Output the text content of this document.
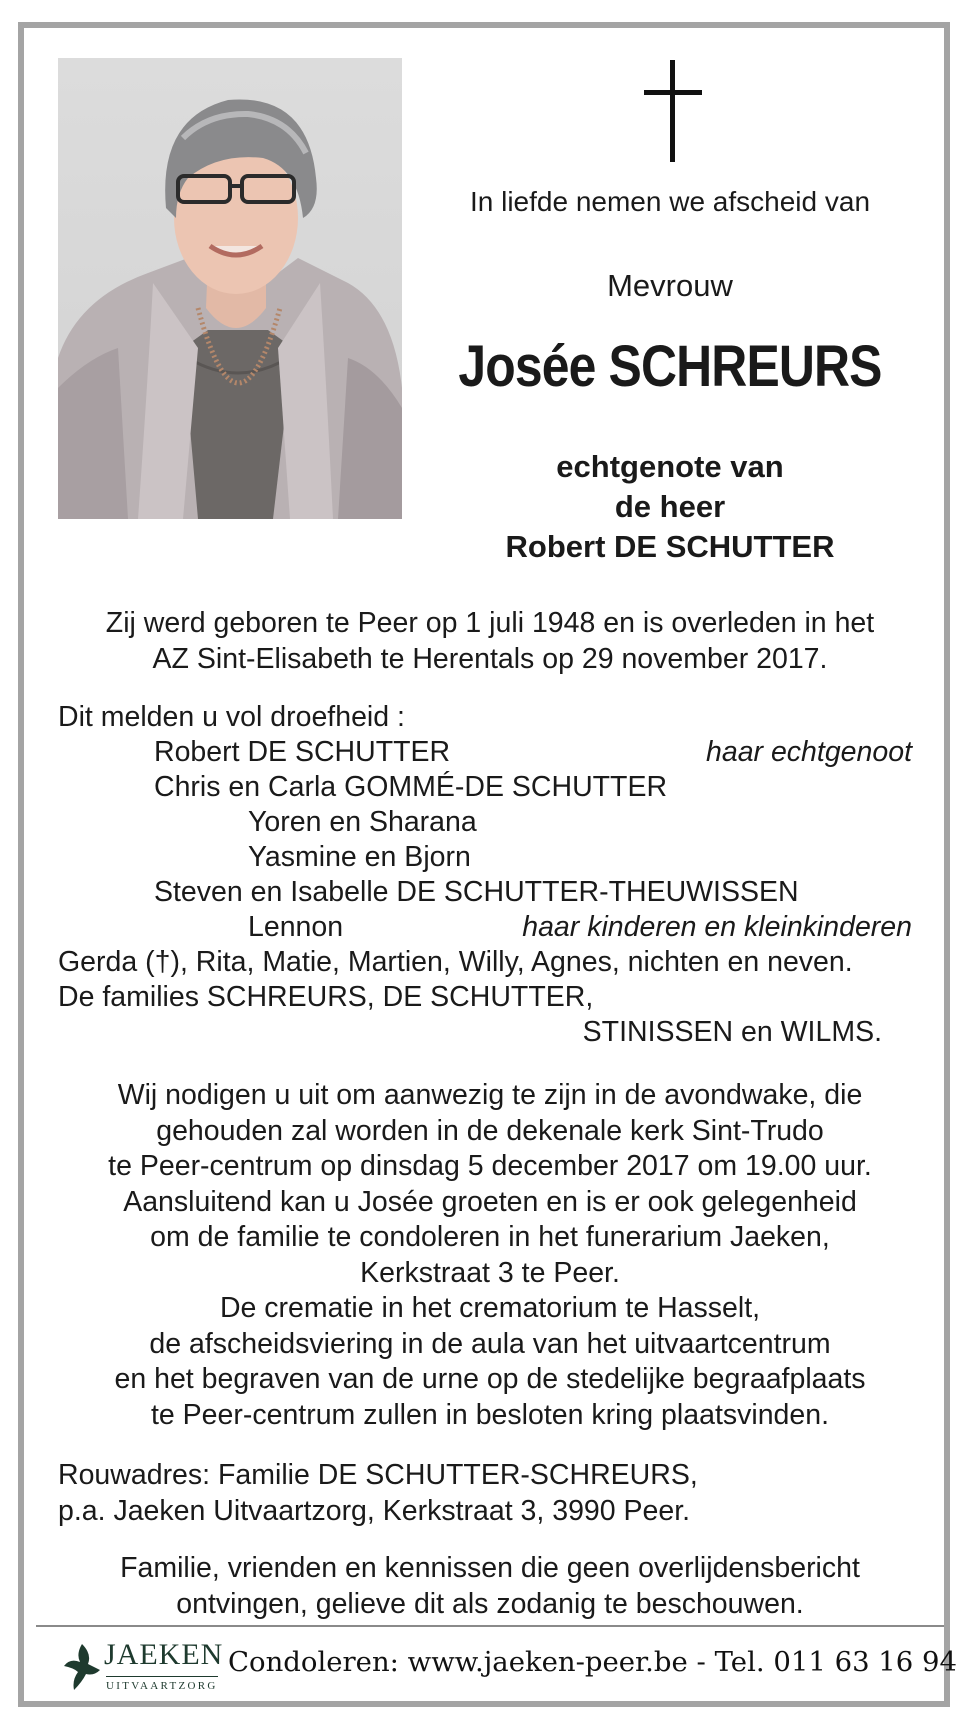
In liefde nemen we afscheid van
Mevrouw
Josée SCHREURS
echtgenote van
de heer
Robert DE SCHUTTER
Zij werd geboren te Peer op 1 juli 1948 en is overleden in het
AZ Sint-Elisabeth te Herentals op 29 november 2017.
Dit melden u vol droefheid :
Robert DE SCHUTTER	haar echtgenoot
Chris en Carla GOMMÉ-DE SCHUTTER
Yoren en Sharana
Yasmine en Bjorn
Steven en Isabelle DE SCHUTTER-THEUWISSEN
Lennon	haar kinderen en kleinkinderen
Gerda (†), Rita, Matie, Martien, Willy, Agnes, nichten en neven.
De families SCHREURS, DE SCHUTTER,
STINISSEN en WILMS.
Wij nodigen u uit om aanwezig te zijn in de avondwake, die
gehouden zal worden in de dekenale kerk Sint-Trudo
te Peer-centrum op dinsdag 5 december 2017 om 19.00 uur.
Aansluitend kan u Josée groeten en is er ook gelegenheid
om de familie te condoleren in het funerarium Jaeken,
Kerkstraat 3 te Peer.
De crematie in het crematorium te Hasselt,
de afscheidsviering in de aula van het uitvaartcentrum
en het begraven van de urne op de stedelijke begraafplaats
te Peer-centrum zullen in besloten kring plaatsvinden.
Rouwadres: Familie DE SCHUTTER-SCHREURS,
p.a. Jaeken Uitvaartzorg, Kerkstraat 3, 3990 Peer.
Familie, vrienden en kennissen die geen overlijdensbericht
ontvingen, gelieve dit als zodanig te beschouwen.
JAEKEN
UITVAARTZORG
Condoleren: www.jaeken-peer.be - Tel. 011 63 16 94
